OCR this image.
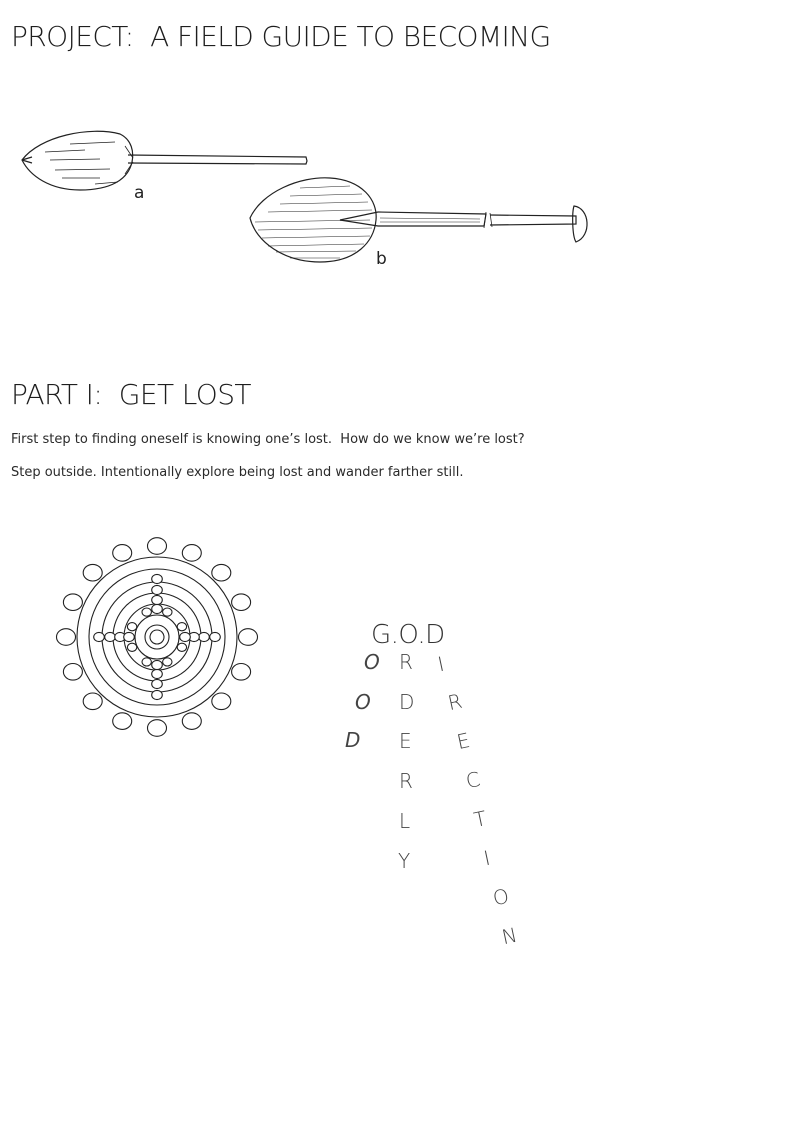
PROJECT:  A FIELD GUIDE TO BECOMING
a
b
PART I:  GET LOST

First step to finding oneself is knowing one’s lost.  How do we know we’re lost?

Step outside. Intentionally explore being lost and wander farther still.

G.O.D
O
O
D
R
D
E
R
L
Y
I
R
E
C
T
I
O
N
